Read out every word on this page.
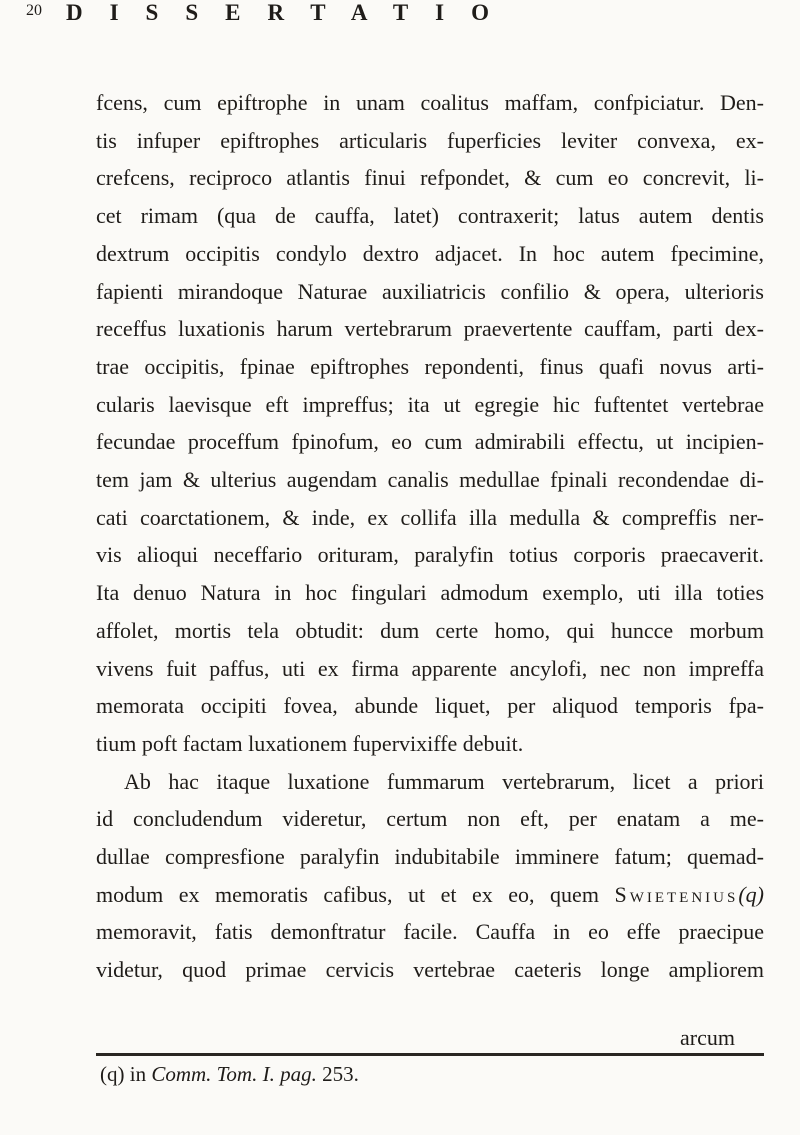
20 DISSERTATIO

fcens, cum epiftrophe in unam coalitus maffam, confpiciatur. Den-
tis infuper epiftrophes articularis fuperficies leviter convexa, ex-
crefcens, reciproco atlantis finui refpondet, & cum eo concrevit, li-
cet rimam (qua de cauffa, latet) contraxerit; latus autem dentis
dextrum occipitis condylo dextro adjacet. In hoc autem fpecimine,
fapienti mirandoque Naturae auxiliatricis confilio & opera, ulterioris
receffus luxationis harum vertebrarum praevertente cauffam, parti dex-
trae occipitis, fpinae epiftrophes repondenti, finus quafi novus arti-
cularis laevisque eft impreffus; ita ut egregie hic fuftentet vertebrae
fecundae proceffum fpinofum, eo cum admirabili effectu, ut incipien-
tem jam & ulterius augendam canalis medullae fpinali recondendae di-
cati coarctationem, & inde, ex collifa illa medulla & compreffis ner-
vis alioqui neceffario orituram, paralyfin totius corporis praecaverit.
Ita denuo Natura in hoc fingulari admodum exemplo, uti illa toties
affolet, mortis tela obtudit: dum certe homo, qui huncce morbum
vivens fuit paffus, uti ex firma apparente ancylofi, nec non impreffa
memorata occipiti fovea, abunde liquet, per aliquod temporis fpa-
tium poft factam luxationem fupervixiffe debuit.

Ab hac itaque luxatione fummarum vertebrarum, licet a priori
id concludendum videretur, certum non eft, per enatam a me-
dullae compresfione paralyfin indubitabile imminere fatum; quemad-
modum ex memoratis cafibus, ut et ex eo, quem Swietenius(q)
memoravit, fatis demonftratur facile. Cauffa in eo effe praecipue
videtur, quod primae cervicis vertebrae caeteris longe ampliorem

arcum
(q) in Comm. Tom. I. pag. 253.
